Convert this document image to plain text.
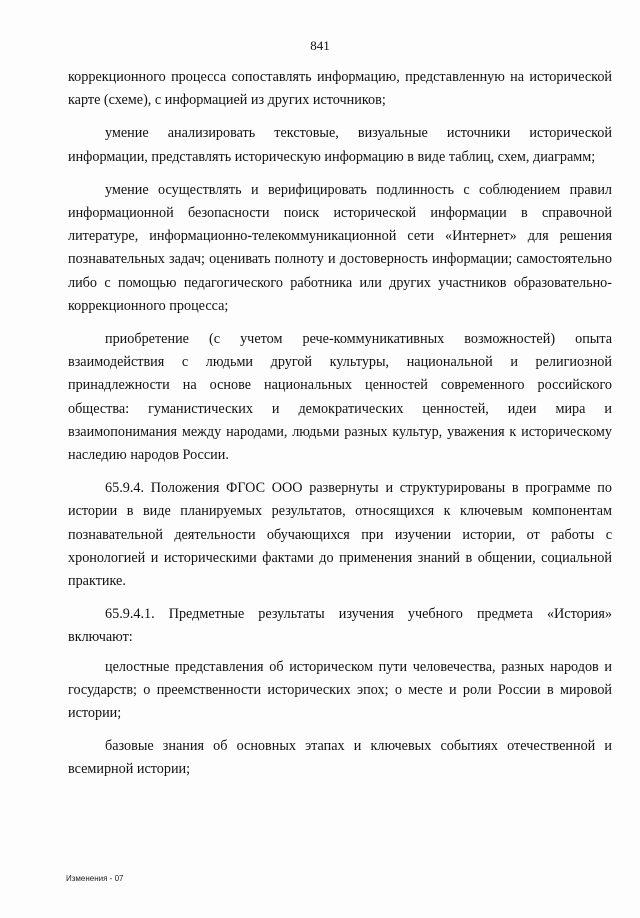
841

коррекционного процесса сопоставлять информацию, представленную на исторической карте (схеме), с информацией из других источников;

умение анализировать текстовые, визуальные источники исторической информации, представлять историческую информацию в виде таблиц, схем, диаграмм;

умение осуществлять и верифицировать подлинность с соблюдением правил информационной безопасности поиск исторической информации в справочной литературе, информационно-телекоммуникационной сети «Интернет» для решения познавательных задач; оценивать полноту и достоверность информации; самостоятельно либо с помощью педагогического работника или других участников образовательно-коррекционного процесса;

приобретение (с учетом рече-коммуникативных возможностей) опыта взаимодействия с людьми другой культуры, национальной и религиозной принадлежности на основе национальных ценностей современного российского общества: гуманистических и демократических ценностей, идеи мира и взаимопонимания между народами, людьми разных культур, уважения к историческому наследию народов России.

65.9.4. Положения ФГОС ООО развернуты и структурированы в программе по истории в виде планируемых результатов, относящихся к ключевым компонентам познавательной деятельности обучающихся при изучении истории, от работы с хронологией и историческими фактами до применения знаний в общении, социальной практике.

65.9.4.1. Предметные результаты изучения учебного предмета «История» включают:

целостные представления об историческом пути человечества, разных народов и государств; о преемственности исторических эпох; о месте и роли России в мировой истории;

базовые знания об основных этапах и ключевых событиях отечественной и всемирной истории;

Изменения - 07
